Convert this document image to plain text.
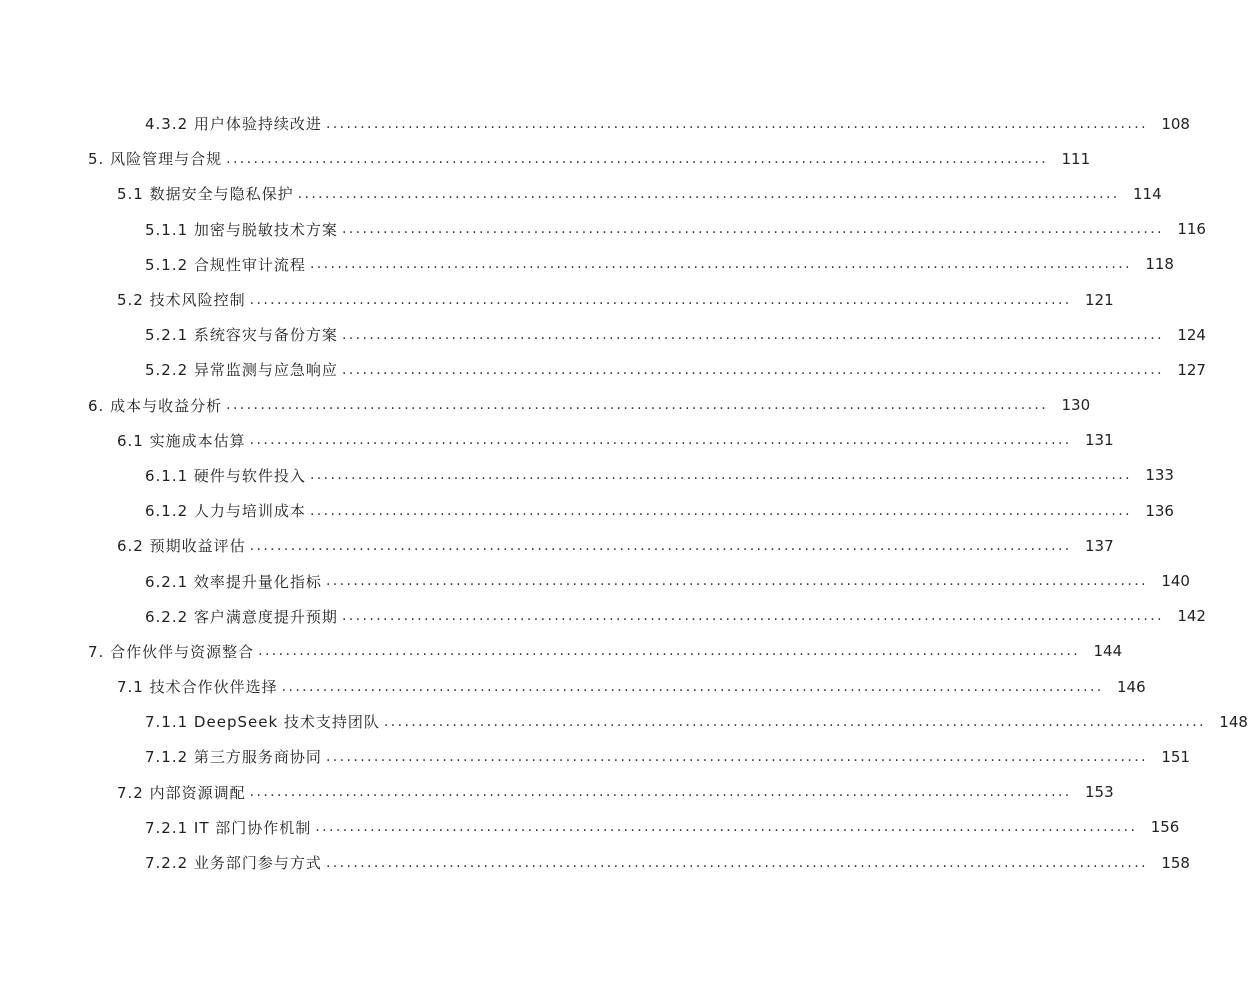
4.3.2 用户体验持续改进 ........................................................................................................................ 108
5. 风险管理与合规 ........................................................................................................................ 111
5.1 数据安全与隐私保护 ........................................................................................................................ 114
5.1.1 加密与脱敏技术方案 ........................................................................................................................ 116
5.1.2 合规性审计流程 ........................................................................................................................ 118
5.2 技术风险控制 ........................................................................................................................ 121
5.2.1 系统容灾与备份方案 ........................................................................................................................ 124
5.2.2 异常监测与应急响应 ........................................................................................................................ 127
6. 成本与收益分析 ........................................................................................................................ 130
6.1 实施成本估算 ........................................................................................................................ 131
6.1.1 硬件与软件投入 ........................................................................................................................ 133
6.1.2 人力与培训成本 ........................................................................................................................ 136
6.2 预期收益评估 ........................................................................................................................ 137
6.2.1 效率提升量化指标 ........................................................................................................................ 140
6.2.2 客户满意度提升预期 ........................................................................................................................ 142
7. 合作伙伴与资源整合 ........................................................................................................................ 144
7.1 技术合作伙伴选择 ........................................................................................................................ 146
7.1.1 DeepSeek 技术支持团队 ........................................................................................................................ 148
7.1.2 第三方服务商协同 ........................................................................................................................ 151
7.2 内部资源调配 ........................................................................................................................ 153
7.2.1 IT 部门协作机制 ........................................................................................................................ 156
7.2.2 业务部门参与方式 ........................................................................................................................ 158
